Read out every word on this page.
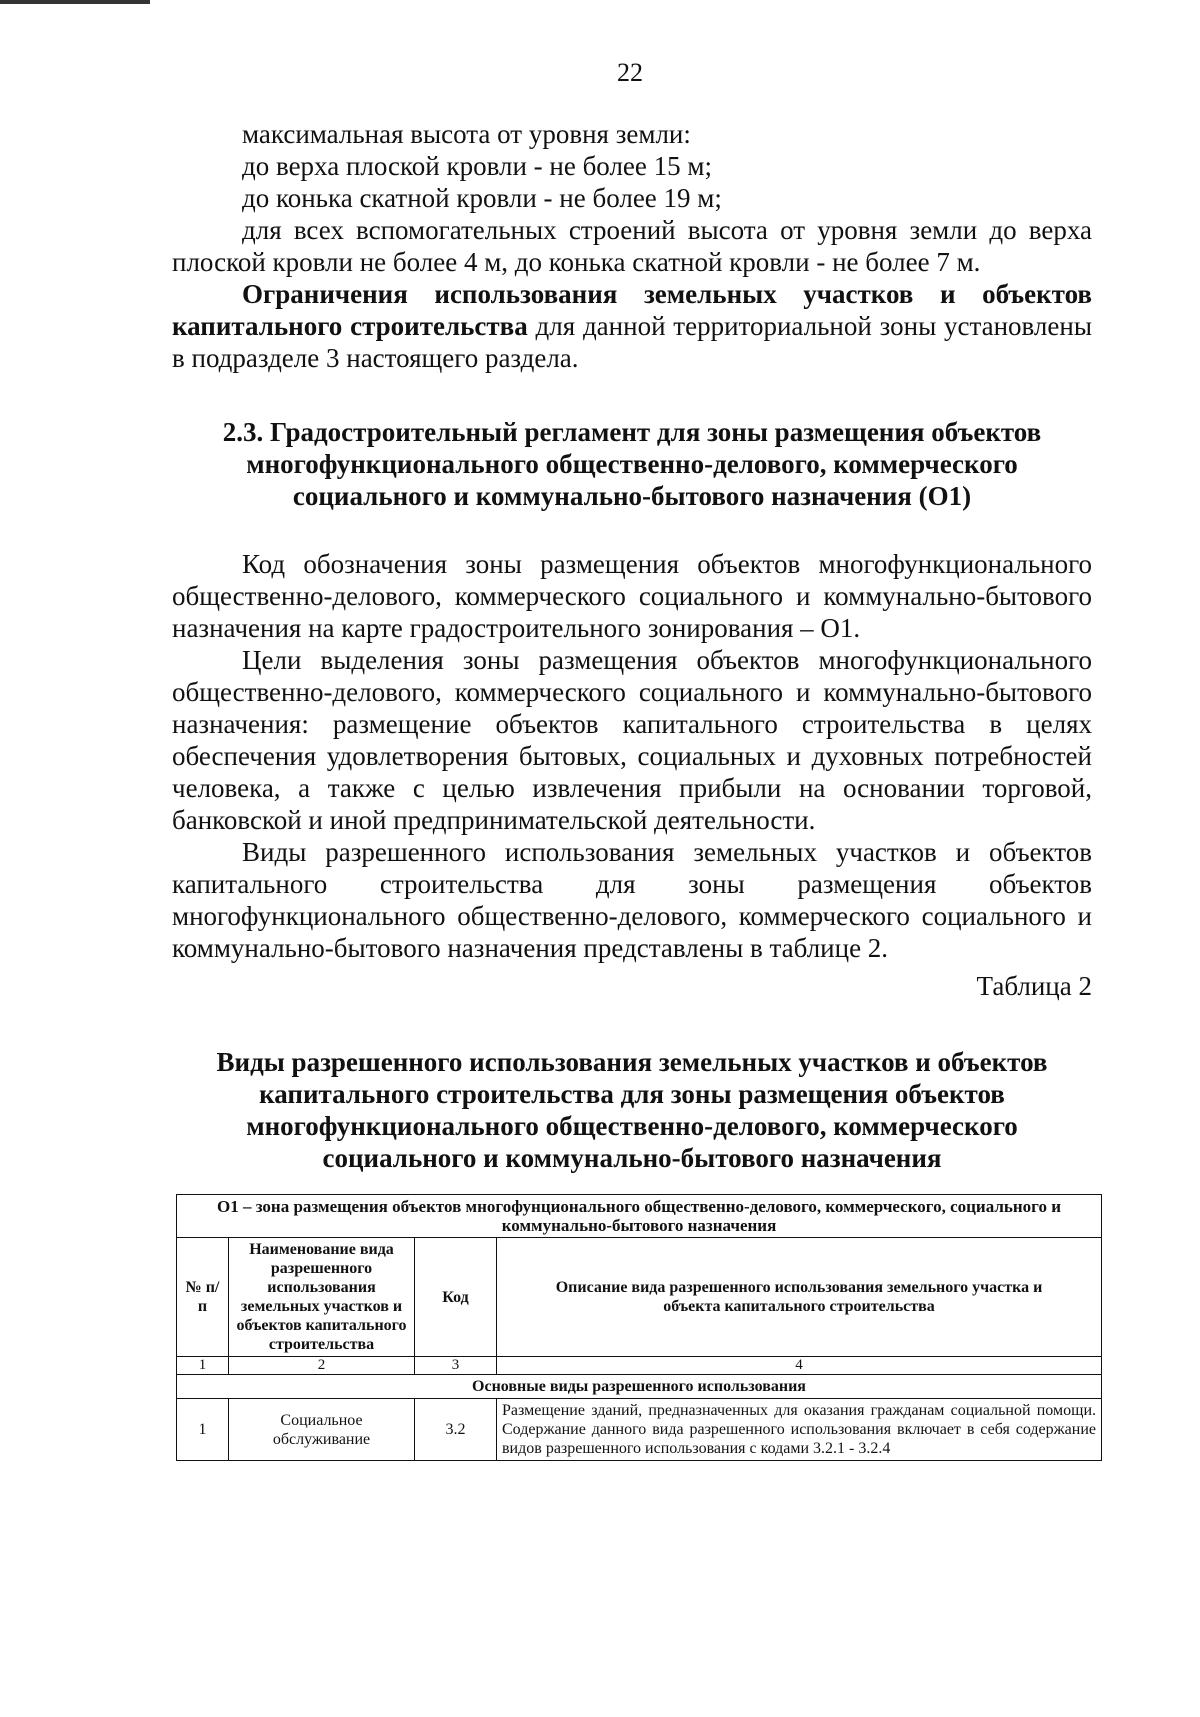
22

максимальная высота от уровня земли:

до верха плоской кровли - не более 15 м;

до конька скатной кровли - не более 19 м;

для всех вспомогательных строений высота от уровня земли до верха плоской кровли не более 4 м, до конька скатной кровли - не более 7 м.

Ограничения использования земельных участков и объектов капитального строительства для данной территориальной зоны установлены в подразделе 3 настоящего раздела.

2.3. Градостроительный регламент для зоны размещения объектов многофункционального общественно-делового, коммерческого социального и коммунально-бытового назначения (О1)

Код обозначения зоны размещения объектов многофункционального общественно-делового, коммерческого социального и коммунально-бытового назначения на карте градостроительного зонирования – О1.

Цели выделения зоны размещения объектов многофункционального общественно-делового, коммерческого социального и коммунально-бытового назначения: размещение объектов капитального строительства в целях обеспечения удовлетворения бытовых, социальных и духовных потребностей человека, а также с целью извлечения прибыли на основании торговой, банковской и иной предпринимательской деятельности.

Виды разрешенного использования земельных участков и объектов капитального строительства для зоны размещения объектов многофункционального общественно-делового, коммерческого социального и коммунально-бытового назначения представлены в таблице 2.

Таблица 2
Виды разрешенного использования земельных участков и объектов капитального строительства для зоны размещения объектов многофункционального общественно-делового, коммерческого социального и коммунально-бытового назначения
О1 – зона размещения объектов многофунционального общественно-делового, коммерческого, социального и коммунально-бытового назначения			
№ п/п	Наименование вида разрешенного использования земельных участков и объектов капитального строительства	Код	Описание вида разрешенного использования земельного участка и объекта капитального строительства
1	2	3	4
Основные виды разрешенного использования			
1	Социальное обслуживание	3.2	Размещение зданий, предназначенных для оказания гражданам социальной помощи. Содержание данного вида разрешенного использования включает в себя содержание видов разрешенного использования с кодами 3.2.1 - 3.2.4
